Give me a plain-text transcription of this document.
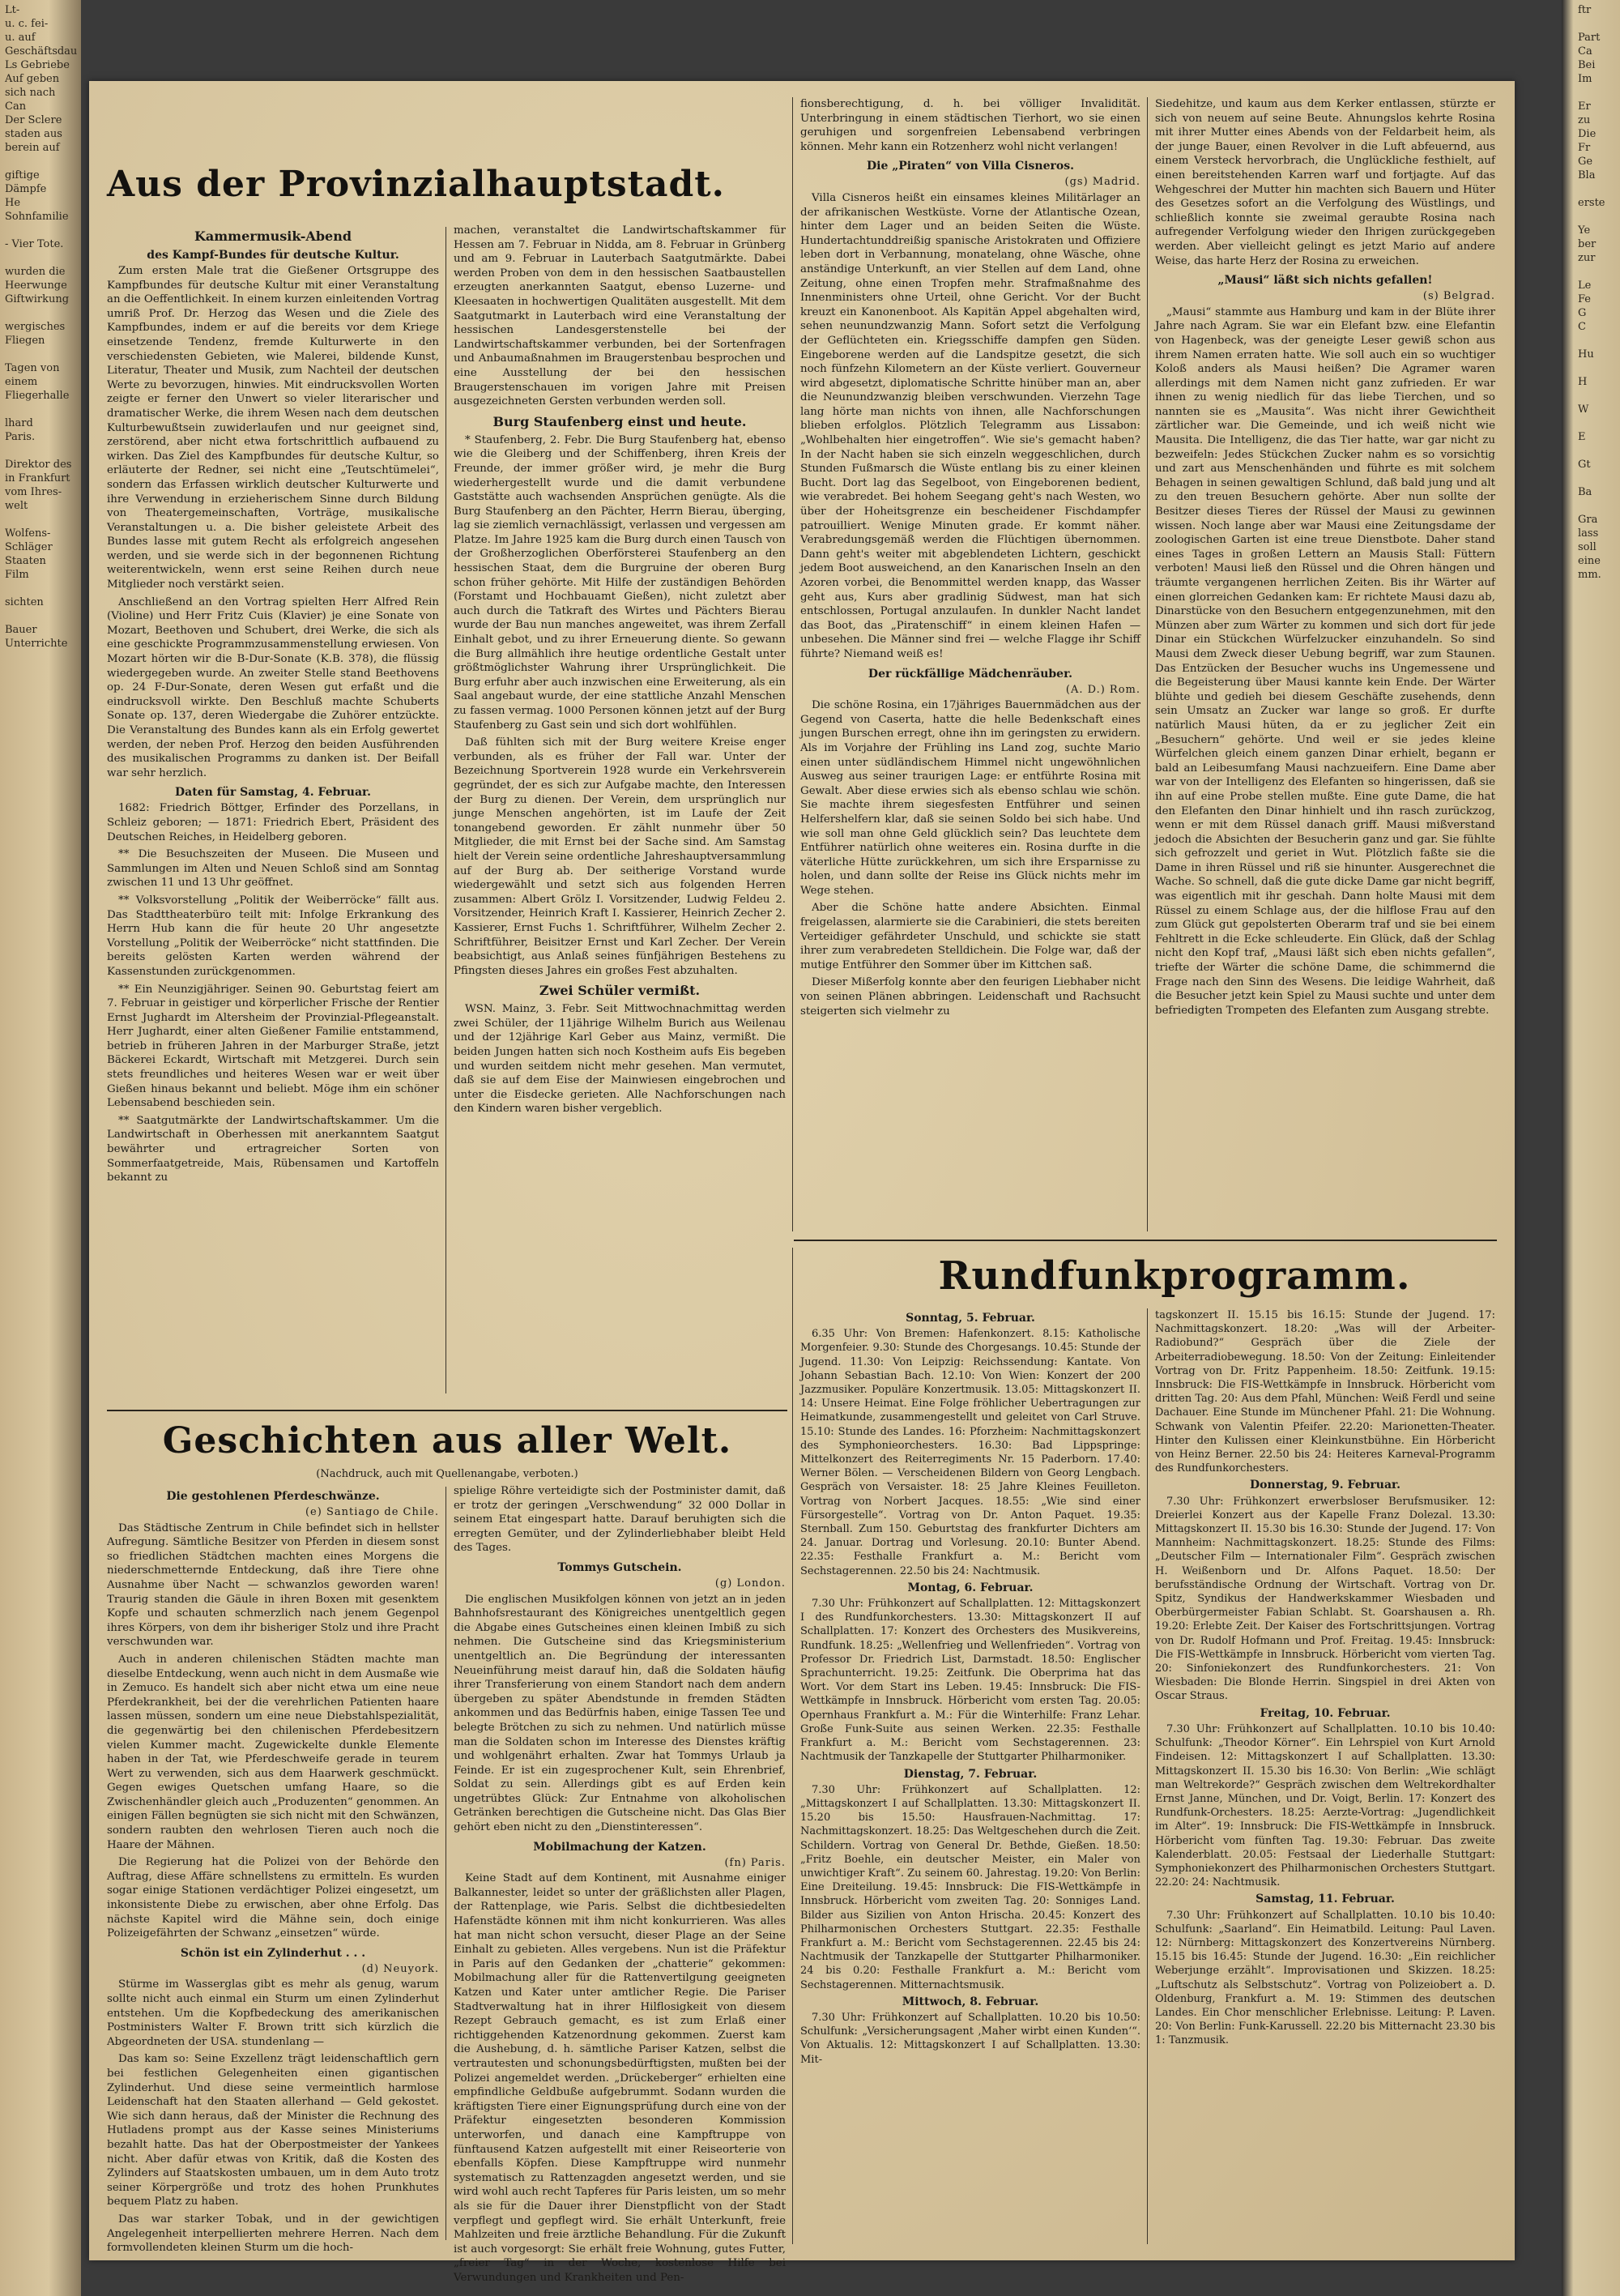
Lt-
u. c. fei-
u. auf
Geschäftsdau
Ls Gebriebe
Auf geben
sich nach
Can
Der Sclere
staden aus
berein auf

giftige Dämpfe
He Sohnfamilie

- Vier Tote.

wurden die
Heerwunge
Giftwirkung

wergisches Fliegen

Tagen von einem
Fliegerhalle

lhard
Paris.

Direktor des
in Frankfurt
vom Ihres-
welt

Wolfens-Schläger
Staaten
Film

sichten

Bauer
Unterrichte
ftr

Part
Ca
Bei
Im

Er
zu
Die
Fr
Ge
Bla

erste

Ye
ber
zur

Le
Fe
G
C

Hu

H

W

E

Gt

Ba

Gra
lass
soll
eine
mm.
Aus der Provinzialhauptstadt.
Kammermusik-Abend
des Kampf-Bundes für deutsche Kultur.

Zum ersten Male trat die Gießener Ortsgruppe des Kampfbundes für deutsche Kultur mit einer Veranstaltung an die Oeffentlichkeit. In einem kurzen einleitenden Vortrag umriß Prof. Dr. Herzog das Wesen und die Ziele des Kampfbundes, indem er auf die bereits vor dem Kriege einsetzende Tendenz, fremde Kulturwerte in den verschiedensten Gebieten, wie Malerei, bildende Kunst, Literatur, Theater und Musik, zum Nachteil der deutschen Werte zu bevorzugen, hinwies. Mit eindrucksvollen Worten zeigte er ferner den Unwert so vieler literarischer und dramatischer Werke, die ihrem Wesen nach dem deutschen Kulturbewußtsein zuwiderlaufen und nur geeignet sind, zerstörend, aber nicht etwa fortschrittlich aufbauend zu wirken. Das Ziel des Kampfbundes für deutsche Kultur, so erläuterte der Redner, sei nicht eine „Teutschtümelei“, sondern das Erfassen wirklich deutscher Kulturwerte und ihre Verwendung in erzieherischem Sinne durch Bildung von Theatergemeinschaften, Vorträge, musikalische Veranstaltungen u. a. Die bisher geleistete Arbeit des Bundes lasse mit gutem Recht als erfolgreich angesehen werden, und sie werde sich in der begonnenen Richtung weiterentwickeln, wenn erst seine Reihen durch neue Mitglieder noch verstärkt seien.

Anschließend an den Vortrag spielten Herr Alfred Rein (Violine) und Herr Fritz Cuis (Klavier) je eine Sonate von Mozart, Beethoven und Schubert, drei Werke, die sich als eine geschickte Programmzusammenstellung erwiesen. Von Mozart hörten wir die B-Dur-Sonate (K.B. 378), die flüssig wiedergegeben wurde. An zweiter Stelle stand Beethovens op. 24 F-Dur-Sonate, deren Wesen gut erfaßt und die eindrucksvoll wirkte. Den Beschluß machte Schuberts Sonate op. 137, deren Wiedergabe die Zuhörer entzückte. Die Veranstaltung des Bundes kann als ein Erfolg gewertet werden, der neben Prof. Herzog den beiden Ausführenden des musikalischen Programms zu danken ist. Der Beifall war sehr herzlich.

Daten für Samstag, 4. Februar.

1682: Friedrich Böttger, Erfinder des Porzellans, in Schleiz geboren; — 1871: Friedrich Ebert, Präsident des Deutschen Reiches, in Heidelberg geboren.

** Die Besuchszeiten der Museen. Die Museen und Sammlungen im Alten und Neuen Schloß sind am Sonntag zwischen 11 und 13 Uhr geöffnet.

** Volksvorstellung „Politik der Weiberröcke“ fällt aus. Das Stadttheaterbüro teilt mit: Infolge Erkrankung des Herrn Hub kann die für heute 20 Uhr angesetzte Vorstellung „Politik der Weiberröcke“ nicht stattfinden. Die bereits gelösten Karten werden während der Kassenstunden zurückgenommen.

** Ein Neunzigjähriger. Seinen 90. Geburtstag feiert am 7. Februar in geistiger und körperlicher Frische der Rentier Ernst Jughardt im Altersheim der Provinzial-Pflegeanstalt. Herr Jughardt, einer alten Gießener Familie entstammend, betrieb in früheren Jahren in der Marburger Straße, jetzt Bäckerei Eckardt, Wirtschaft mit Metzgerei. Durch sein stets freundliches und heiteres Wesen war er weit über Gießen hinaus bekannt und beliebt. Möge ihm ein schöner Lebensabend beschieden sein.

** Saatgutmärkte der Landwirtschaftskammer. Um die Landwirtschaft in Oberhessen mit anerkanntem Saatgut bewährter und ertragreicher Sorten von Sommerfaatgetreide, Mais, Rübensamen und Kartoffeln bekannt zu

machen, veranstaltet die Landwirtschaftskammer für Hessen am 7. Februar in Nidda, am 8. Februar in Grünberg und am 9. Februar in Lauterbach Saatgutmärkte. Dabei werden Proben von dem in den hessischen Saatbaustellen erzeugten anerkannten Saatgut, ebenso Luzerne- und Kleesaaten in hochwertigen Qualitäten ausgestellt. Mit dem Saatgutmarkt in Lauterbach wird eine Veranstaltung der hessischen Landesgerstenstelle bei der Landwirtschaftskammer verbunden, bei der Sortenfragen und Anbaumaßnahmen im Braugerstenbau besprochen und eine Ausstellung der bei den hessischen Braugerstenschauen im vorigen Jahre mit Preisen ausgezeichneten Gersten verbunden werden soll.

Burg Staufenberg einst und heute.

* Staufenberg, 2. Febr. Die Burg Staufenberg hat, ebenso wie die Gleiberg und der Schiffenberg, ihren Kreis der Freunde, der immer größer wird, je mehr die Burg wiederhergestellt wurde und die damit verbundene Gaststätte auch wachsenden Ansprüchen genügte. Als die Burg Staufenberg an den Pächter, Herrn Bierau, überging, lag sie ziemlich vernachlässigt, verlassen und vergessen am Platze. Im Jahre 1925 kam die Burg durch einen Tausch von der Großherzoglichen Oberförsterei Staufenberg an den hessischen Staat, dem die Burgruine der oberen Burg schon früher gehörte. Mit Hilfe der zuständigen Behörden (Forstamt und Hochbauamt Gießen), nicht zuletzt aber auch durch die Tatkraft des Wirtes und Pächters Bierau wurde der Bau nun manches angeweitet, was ihrem Zerfall Einhalt gebot, und zu ihrer Erneuerung diente. So gewann die Burg allmählich ihre heutige ordentliche Gestalt unter größtmöglichster Wahrung ihrer Ursprünglichkeit. Die Burg erfuhr aber auch inzwischen eine Erweiterung, als ein Saal angebaut wurde, der eine stattliche Anzahl Menschen zu fassen vermag. 1000 Personen können jetzt auf der Burg Staufenberg zu Gast sein und sich dort wohlfühlen.

Daß fühlten sich mit der Burg weitere Kreise enger verbunden, als es früher der Fall war. Unter der Bezeichnung Sportverein 1928 wurde ein Verkehrsverein gegründet, der es sich zur Aufgabe machte, den Interessen der Burg zu dienen. Der Verein, dem ursprünglich nur junge Menschen angehörten, ist im Laufe der Zeit tonangebend geworden. Er zählt nunmehr über 50 Mitglieder, die mit Ernst bei der Sache sind. Am Samstag hielt der Verein seine ordentliche Jahreshauptversammlung auf der Burg ab. Der seitherige Vorstand wurde wiedergewählt und setzt sich aus folgenden Herren zusammen: Albert Grölz I. Vorsitzender, Ludwig Feldeu 2. Vorsitzender, Heinrich Kraft I. Kassierer, Heinrich Zecher 2. Kassierer, Ernst Fuchs 1. Schriftführer, Wilhelm Zecher 2. Schriftführer, Beisitzer Ernst und Karl Zecher. Der Verein beabsichtigt, aus Anlaß seines fünfjährigen Bestehens zu Pfingsten dieses Jahres ein großes Fest abzuhalten.

Zwei Schüler vermißt.

WSN. Mainz, 3. Febr. Seit Mittwochnachmittag werden zwei Schüler, der 11jährige Wilhelm Burich aus Weilenau und der 12jährige Karl Geber aus Mainz, vermißt. Die beiden Jungen hatten sich noch Kostheim aufs Eis begeben und wurden seitdem nicht mehr gesehen. Man vermutet, daß sie auf dem Eise der Mainwiesen eingebrochen und unter die Eisdecke gerieten. Alle Nachforschungen nach den Kindern waren bisher vergeblich.

fionsberechtigung, d. h. bei völliger Invalidität. Unterbringung in einem städtischen Tierhort, wo sie einen geruhigen und sorgenfreien Lebensabend verbringen können. Mehr kann ein Rotzenherz wohl nicht verlangen!

Die „Piraten“ von Villa Cisneros.
(gs) Madrid.

Villa Cisneros heißt ein einsames kleines Militärlager an der afrikanischen Westküste. Vorne der Atlantische Ozean, hinter dem Lager und an beiden Seiten die Wüste. Hundertachtunddreißig spanische Aristokraten und Offiziere leben dort in Verbannung, monatelang, ohne Wäsche, ohne anständige Unterkunft, an vier Stellen auf dem Land, ohne Zeitung, ohne einen Tropfen mehr. Strafmaßnahme des Innenministers ohne Urteil, ohne Gericht. Vor der Bucht kreuzt ein Kanonenboot. Als Kapitän Appel abgehalten wird, sehen neunundzwanzig Mann. Sofort setzt die Verfolgung der Geflüchteten ein. Kriegsschiffe dampfen gen Süden. Eingeborene werden auf die Landspitze gesetzt, die sich noch fünfzehn Kilometern an der Küste verliert. Gouverneur wird abgesetzt, diplomatische Schritte hinüber man an, aber die Neunundzwanzig bleiben verschwunden. Vierzehn Tage lang hörte man nichts von ihnen, alle Nachforschungen blieben erfolglos. Plötzlich Telegramm aus Lissabon: „Wohlbehalten hier eingetroffen“. Wie sie's gemacht haben? In der Nacht haben sie sich einzeln weggeschlichen, durch Stunden Fußmarsch die Wüste entlang bis zu einer kleinen Bucht. Dort lag das Segelboot, von Eingeborenen bedient, wie verabredet. Bei hohem Seegang geht's nach Westen, wo über der Hoheitsgrenze ein bescheidener Fischdampfer patrouilliert. Wenige Minuten grade. Er kommt näher. Verabredungsgemäß werden die Flüchtigen übernommen. Dann geht's weiter mit abgeblendeten Lichtern, geschickt jedem Boot ausweichend, an den Kanarischen Inseln an den Azoren vorbei, die Benommittel werden knapp, das Wasser geht aus, Kurs aber gradlinig Südwest, man hat sich entschlossen, Portugal anzulaufen. In dunkler Nacht landet das Boot, das „Piratenschiff“ in einem kleinen Hafen — unbesehen. Die Männer sind frei — welche Flagge ihr Schiff führte? Niemand weiß es!

Der rückfällige Mädchenräuber.
(A. D.) Rom.

Die schöne Rosina, ein 17jähriges Bauernmädchen aus der Gegend von Caserta, hatte die helle Bedenkschaft eines jungen Burschen erregt, ohne ihn im geringsten zu erwidern. Als im Vorjahre der Frühling ins Land zog, suchte Mario einen unter südländischem Himmel nicht ungewöhnlichen Ausweg aus seiner traurigen Lage: er entführte Rosina mit Gewalt. Aber diese erwies sich als ebenso schlau wie schön. Sie machte ihrem siegesfesten Entführer und seinen Helfershelfern klar, daß sie seinen Soldo bei sich habe. Und wie soll man ohne Geld glücklich sein? Das leuchtete dem Entführer natürlich ohne weiteres ein. Rosina durfte in die väterliche Hütte zurückkehren, um sich ihre Ersparnisse zu holen, und dann sollte der Reise ins Glück nichts mehr im Wege stehen.

Aber die Schöne hatte andere Absichten. Einmal freigelassen, alarmierte sie die Carabinieri, die stets bereiten Verteidiger gefährdeter Unschuld, und schickte sie statt ihrer zum verabredeten Stelldichein. Die Folge war, daß der mutige Entführer den Sommer über im Kittchen saß.

Dieser Mißerfolg konnte aber den feurigen Liebhaber nicht von seinen Plänen abbringen. Leidenschaft und Rachsucht steigerten sich vielmehr zu

Siedehitze, und kaum aus dem Kerker entlassen, stürzte er sich von neuem auf seine Beute. Ahnungslos kehrte Rosina mit ihrer Mutter eines Abends von der Feldarbeit heim, als der junge Bauer, einen Revolver in die Luft abfeuernd, aus einem Versteck hervorbrach, die Unglückliche festhielt, auf einen bereitstehenden Karren warf und fortjagte. Auf das Wehgeschrei der Mutter hin machten sich Bauern und Hüter des Gesetzes sofort an die Verfolgung des Wüstlings, und schließlich konnte sie zweimal geraubte Rosina nach aufregender Verfolgung wieder den Ihrigen zurückgegeben werden. Aber vielleicht gelingt es jetzt Mario auf andere Weise, das harte Herz der Rosina zu erweichen.

„Mausi“ läßt sich nichts gefallen!
(s) Belgrad.

„Mausi“ stammte aus Hamburg und kam in der Blüte ihrer Jahre nach Agram. Sie war ein Elefant bzw. eine Elefantin von Hagenbeck, was der geneigte Leser gewiß schon aus ihrem Namen erraten hatte. Wie soll auch ein so wuchtiger Koloß anders als Mausi heißen? Die Agramer waren allerdings mit dem Namen nicht ganz zufrieden. Er war ihnen zu wenig niedlich für das liebe Tierchen, und so nannten sie es „Mausita“. Was nicht ihrer Gewichtheit zärtlicher war. Die Gemeinde, und ich weiß nicht wie Mausita. Die Intelligenz, die das Tier hatte, war gar nicht zu bezweifeln: Jedes Stückchen Zucker nahm es so vorsichtig und zart aus Menschenhänden und führte es mit solchem Behagen in seinen gewaltigen Schlund, daß bald jung und alt zu den treuen Besuchern gehörte. Aber nun sollte der Besitzer dieses Tieres der Rüssel der Mausi zu gewinnen wissen. Noch lange aber war Mausi eine Zeitungsdame der zoologischen Garten ist eine treue Dienstbote. Daher stand eines Tages in großen Lettern an Mausis Stall: Füttern verboten! Mausi ließ den Rüssel und die Ohren hängen und träumte vergangenen herrlichen Zeiten. Bis ihr Wärter auf einen glorreichen Gedanken kam: Er richtete Mausi dazu ab, Dinarstücke von den Besuchern entgegenzunehmen, mit den Münzen aber zum Wärter zu kommen und sich dort für jede Dinar ein Stückchen Würfelzucker einzuhandeln. So sind Mausi dem Zweck dieser Uebung begriff, war zum Staunen. Das Entzücken der Besucher wuchs ins Ungemessene und die Begeisterung über Mausi kannte kein Ende. Der Wärter blühte und gedieh bei diesem Geschäfte zusehends, denn sein Umsatz an Zucker war lange so groß. Er durfte natürlich Mausi hüten, da er zu jeglicher Zeit ein „Besuchern“ gehörte. Und weil er sie jedes kleine Würfelchen gleich einem ganzen Dinar erhielt, begann er bald an Leibesumfang Mausi nachzueifern. Eine Dame aber war von der Intelligenz des Elefanten so hingerissen, daß sie ihn auf eine Probe stellen mußte. Eine gute Dame, die hat den Elefanten den Dinar hinhielt und ihn rasch zurückzog, wenn er mit dem Rüssel danach griff. Mausi mißverstand jedoch die Absichten der Besucherin ganz und gar. Sie fühlte sich gefrozzelt und geriet in Wut. Plötzlich faßte sie die Dame in ihren Rüssel und riß sie hinunter. Ausgerechnet die Wache. So schnell, daß die gute dicke Dame gar nicht begriff, was eigentlich mit ihr geschah. Dann holte Mausi mit dem Rüssel zu einem Schlage aus, der die hilflose Frau auf den zum Glück gut gepolsterten Oberarm traf und sie bei einem Fehltrett in die Ecke schleuderte. Ein Glück, daß der Schlag nicht den Kopf traf, „Mausi läßt sich eben nichts gefallen“, triefte der Wärter die schöne Dame, die schimmernd die Frage nach den Sinn des Wesens. Die leidige Wahrheit, daß die Besucher jetzt kein Spiel zu Mausi suchte und unter dem befriedigten Trompeten des Elefanten zum Ausgang strebte.

Rundfunkprogramm.
Geschichten aus aller Welt.
(Nachdruck, auch mit Quellenangabe, verboten.)
Die gestohlenen Pferdeschwänze.
(e) Santiago de Chile.

Das Städtische Zentrum in Chile befindet sich in hellster Aufregung. Sämtliche Besitzer von Pferden in diesem sonst so friedlichen Städtchen machten eines Morgens die niederschmetternde Entdeckung, daß ihre Tiere ohne Ausnahme über Nacht — schwanzlos geworden waren! Traurig standen die Gäule in ihren Boxen mit gesenktem Kopfe und schauten schmerzlich nach jenem Gegenpol ihres Körpers, von dem ihr bisheriger Stolz und ihre Pracht verschwunden war.

Auch in anderen chilenischen Städten machte man dieselbe Entdeckung, wenn auch nicht in dem Ausmaße wie in Zemuco. Es handelt sich aber nicht etwa um eine neue Pferdekrankheit, bei der die verehrlichen Patienten haare lassen müssen, sondern um eine neue Diebstahlspezialität, die gegenwärtig bei den chilenischen Pferdebesitzern vielen Kummer macht. Zugewickelte dunkle Elemente haben in der Tat, wie Pferdeschweife gerade in teurem Wert zu verwenden, sich aus dem Haarwerk geschmückt. Gegen ewiges Quetschen umfang Haare, so die Zwischenhändler gleich auch „Produzenten“ genommen. An einigen Fällen begnügten sie sich nicht mit den Schwänzen, sondern raubten den wehrlosen Tieren auch noch die Haare der Mähnen.

Die Regierung hat die Polizei von der Behörde den Auftrag, diese Affäre schnellstens zu ermitteln. Es wurden sogar einige Stationen verdächtiger Polizei eingesetzt, um inkonsistente Diebe zu erwischen, aber ohne Erfolg. Das nächste Kapitel wird die Mähne sein, doch einige Polizeigefährten der Schwanz „einsetzen“ würde.

Schön ist ein Zylinderhut . . .
(d) Neuyork.

Stürme im Wasserglas gibt es mehr als genug, warum sollte nicht auch einmal ein Sturm um einen Zylinderhut entstehen. Um die Kopfbedeckung des amerikanischen Postministers Walter F. Brown tritt sich kürzlich die Abgeordneten der USA. stundenlang —

Das kam so: Seine Exzellenz trägt leidenschaftlich gern bei festlichen Gelegenheiten einen gigantischen Zylinderhut. Und diese seine vermeintlich harmlose Leidenschaft hat den Staaten allerhand — Geld gekostet. Wie sich dann heraus, daß der Minister die Rechnung des Hutladens prompt aus der Kasse seines Ministeriums bezahlt hatte. Das hat der Oberpostmeister der Yankees nicht. Aber dafür etwas von Kritik, daß die Kosten des Zylinders auf Staatskosten umbauen, um in dem Auto trotz seiner Körpergröße und trotz des hohen Prunkhutes bequem Platz zu haben.

Das war starker Tobak, und in der gewichtigen Angelegenheit interpellierten mehrere Herren. Nach dem formvollendeten kleinen Sturm um die hoch-

spielige Röhre verteidigte sich der Postminister damit, daß er trotz der geringen „Verschwendung“ 32 000 Dollar in seinem Etat eingespart hatte. Darauf beruhigten sich die erregten Gemüter, und der Zylinderliebhaber bleibt Held des Tages.

Tommys Gutschein.
(g) London.

Die englischen Musikfolgen können von jetzt an in jeden Bahnhofsrestaurant des Königreiches unentgeltlich gegen die Abgabe eines Gutscheines einen kleinen Imbiß zu sich nehmen. Die Gutscheine sind das Kriegsministerium unentgeltlich an. Die Begründung der interessanten Neueinführung meist darauf hin, daß die Soldaten häufig ihrer Transferierung von einem Standort nach dem andern übergeben zu später Abendstunde in fremden Städten ankommen und das Bedürfnis haben, einige Tassen Tee und belegte Brötchen zu sich zu nehmen. Und natürlich müsse man die Soldaten schon im Interesse des Dienstes kräftig und wohlgenährt erhalten. Zwar hat Tommys Urlaub ja Feinde. Er ist ein zugesprochener Kult, sein Ehrenbrief, Soldat zu sein. Allerdings gibt es auf Erden kein ungetrübtes Glück: Zur Entnahme von alkoholischen Getränken berechtigen die Gutscheine nicht. Das Glas Bier gehört eben nicht zu den „Dienstinteressen“.

Mobilmachung der Katzen.
(fn) Paris.

Keine Stadt auf dem Kontinent, mit Ausnahme einiger Balkannester, leidet so unter der gräßlichsten aller Plagen, der Rattenplage, wie Paris. Selbst die dichtbesiedelten Hafenstädte können mit ihm nicht konkurrieren. Was alles hat man nicht schon versucht, dieser Plage an der Seine Einhalt zu gebieten. Alles vergebens. Nun ist die Präfektur in Paris auf den Gedanken der „chatterie“ gekommen: Mobilmachung aller für die Rattenvertilgung geeigneten Katzen und Kater unter amtlicher Regie. Die Pariser Stadtverwaltung hat in ihrer Hilflosigkeit von diesem Rezept Gebrauch gemacht, es ist zum Erlaß einer richtiggehenden Katzenordnung gekommen. Zuerst kam die Aushebung, d. h. sämtliche Pariser Katzen, selbst die vertrautesten und schonungsbedürftigsten, mußten bei der Polizei angemeldet werden. „Drückeberger“ erhielten eine empfindliche Geldbuße aufgebrummt. Sodann wurden die kräftigsten Tiere einer Eignungsprüfung durch eine von der Präfektur eingesetzten besonderen Kommission unterworfen, und danach eine Kampftruppe von fünftausend Katzen aufgestellt mit einer Reiseorterie von ebenfalls Köpfen. Diese Kampftruppe wird nunmehr systematisch zu Rattenzagden angesetzt werden, und sie wird wohl auch recht Tapferes für Paris leisten, um so mehr als sie für die Dauer ihrer Dienstpflicht von der Stadt verpflegt und gepflegt wird. Sie erhält Unterkunft, freie Mahlzeiten und freie ärztliche Behandlung. Für die Zukunft ist auch vorgesorgt: Sie erhält freie Wohnung, gutes Futter, „freier Tag“ in der Woche, kostenlose Hilfe bei Verwundungen und Krankheiten und Pen-

Sonntag, 5. Februar.

6.35 Uhr: Von Bremen: Hafenkonzert. 8.15: Katholische Morgenfeier. 9.30: Stunde des Chorgesangs. 10.45: Stunde der Jugend. 11.30: Von Leipzig: Reichssendung: Kantate. Von Johann Sebastian Bach. 12.10: Von Wien: Konzert der 200 Jazzmusiker. Populäre Konzertmusik. 13.05: Mittagskonzert II. 14: Unsere Heimat. Eine Folge fröhlicher Uebertragungen zur Heimatkunde, zusammengestellt und geleitet von Carl Struve. 15.10: Stunde des Landes. 16: Pforzheim: Nachmittagskonzert des Symphonieorchesters. 16.30: Bad Lippspringe: Mittelkonzert des Reiterregiments Nr. 15 Paderborn. 17.40: Werner Bölen. — Verscheidenen Bildern von Georg Lengbach. Gespräch von Versaister. 18: 25 Jahre Kleines Feuilleton. Vortrag von Norbert Jacques. 18.55: „Wie sind einer Fürsorgestelle“. Vortrag von Dr. Anton Paquet. 19.35: Sternball. Zum 150. Geburtstag des frankfurter Dichters am 24. Januar. Dortrag und Vorlesung. 20.10: Bunter Abend. 22.35: Festhalle Frankfurt a. M.: Bericht vom Sechstagerennen. 22.50 bis 24: Nachtmusik.

Montag, 6. Februar.

7.30 Uhr: Frühkonzert auf Schallplatten. 12: Mittagskonzert I des Rundfunkorchesters. 13.30: Mittagskonzert II auf Schallplatten. 17: Konzert des Orchesters des Musikvereins, Rundfunk. 18.25: „Wellenfrieg und Wellenfrieden“. Vortrag von Professor Dr. Friedrich List, Darmstadt. 18.50: Englischer Sprachunterricht. 19.25: Zeitfunk. Die Oberprima hat das Wort. Vor dem Start ins Leben. 19.45: Innsbruck: Die FIS-Wettkämpfe in Innsbruck. Hörbericht vom ersten Tag. 20.05: Opernhaus Frankfurt a. M.: Für die Winterhilfe: Franz Lehar. Große Funk-Suite aus seinen Werken. 22.35: Festhalle Frankfurt a. M.: Bericht vom Sechstagerennen. 23: Nachtmusik der Tanzkapelle der Stuttgarter Philharmoniker.

Dienstag, 7. Februar.

7.30 Uhr: Frühkonzert auf Schallplatten. 12: „Mittagskonzert I auf Schallplatten. 13.30: Mittagskonzert II. 15.20 bis 15.50: Hausfrauen-Nachmittag. 17: Nachmittagskonzert. 18.25: Das Weltgeschehen durch die Zeit. Schildern. Vortrag von General Dr. Bethde, Gießen. 18.50: „Fritz Boehle, ein deutscher Meister, ein Maler von unwichtiger Kraft“. Zu seinem 60. Jahrestag. 19.20: Von Berlin: Eine Dreiteilung. 19.45: Innsbruck: Die FIS-Wettkämpfe in Innsbruck. Hörbericht vom zweiten Tag. 20: Sonniges Land. Bilder aus Sizilien von Anton Hrischa. 20.45: Konzert des Philharmonischen Orchesters Stuttgart. 22.35: Festhalle Frankfurt a. M.: Bericht vom Sechstagerennen. 22.45 bis 24: Nachtmusik der Tanzkapelle der Stuttgarter Philharmoniker. 24 bis 0.20: Festhalle Frankfurt a. M.: Bericht vom Sechstagerennen. Mitternachtsmusik.

Mittwoch, 8. Februar.

7.30 Uhr: Frühkonzert auf Schallplatten. 10.20 bis 10.50: Schulfunk: „Versicherungsagent ‚Maher wirbt einen Kunden‘“. Von Aktualis. 12: Mittagskonzert I auf Schallplatten. 13.30: Mit-

tagskonzert II. 15.15 bis 16.15: Stunde der Jugend. 17: Nachmittagskonzert. 18.20: „Was will der Arbeiter-Radiobund?“ Gespräch über die Ziele der Arbeiterradiobewegung. 18.50: Von der Zeitung: Einleitender Vortrag von Dr. Fritz Pappenheim. 18.50: Zeitfunk. 19.15: Innsbruck: Die FIS-Wettkämpfe in Innsbruck. Hörbericht vom dritten Tag. 20: Aus dem Pfahl, München: Weiß Ferdl und seine Dachauer. Eine Stunde im Münchener Pfahl. 21: Die Wohnung. Schwank von Valentin Pfeifer. 22.20: Marionetten-Theater. Hinter den Kulissen einer Kleinkunstbühne. Ein Hörbericht von Heinz Berner. 22.50 bis 24: Heiteres Karneval-Programm des Rundfunkorchesters.

Donnerstag, 9. Februar.

7.30 Uhr: Frühkonzert erwerbsloser Berufsmusiker. 12: Dreierlei Konzert aus der Kapelle Franz Dolezal. 13.30: Mittagskonzert II. 15.30 bis 16.30: Stunde der Jugend. 17: Von Mannheim: Nachmittagskonzert. 18.25: Stunde des Films: „Deutscher Film — Internationaler Film“. Gespräch zwischen H. Weißenborn und Dr. Alfons Paquet. 18.50: Der berufsständische Ordnung der Wirtschaft. Vortrag von Dr. Spitz, Syndikus der Handwerkskammer Wiesbaden und Oberbürgermeister Fabian Schlabt. St. Goarshausen a. Rh. 19.20: Erlebte Zeit. Der Kaiser des Fortschrittsjungen. Vortrag von Dr. Rudolf Hofmann und Prof. Freitag. 19.45: Innsbruck: Die FIS-Wettkämpfe in Innsbruck. Hörbericht vom vierten Tag. 20: Sinfoniekonzert des Rundfunkorchesters. 21: Von Wiesbaden: Die Blonde Herrin. Singspiel in drei Akten von Oscar Straus.

Freitag, 10. Februar.

7.30 Uhr: Frühkonzert auf Schallplatten. 10.10 bis 10.40: Schulfunk: „Theodor Körner“. Ein Lehrspiel von Kurt Arnold Findeisen. 12: Mittagskonzert I auf Schallplatten. 13.30: Mittagskonzert II. 15.30 bis 16.30: Von Berlin: „Wie schlägt man Weltrekorde?“ Gespräch zwischen dem Weltrekordhalter Ernst Janne, München, und Dr. Voigt, Berlin. 17: Konzert des Rundfunk-Orchesters. 18.25: Aerzte-Vortrag: „Jugendlichkeit im Alter“. 19: Innsbruck: Die FIS-Wettkämpfe in Innsbruck. Hörbericht vom fünften Tag. 19.30: Februar. Das zweite Kalenderblatt. 20.05: Festsaal der Liederhalle Stuttgart: Symphoniekonzert des Philharmonischen Orchesters Stuttgart. 22.20: 24: Nachtmusik.

Samstag, 11. Februar.

7.30 Uhr: Frühkonzert auf Schallplatten. 10.10 bis 10.40: Schulfunk: „Saarland“. Ein Heimatbild. Leitung: Paul Laven. 12: Nürnberg: Mittagskonzert des Konzertvereins Nürnberg. 15.15 bis 16.45: Stunde der Jugend. 16.30: „Ein reichlicher Weberjunge erzählt“. Improvisationen und Skizzen. 18.25: „Luftschutz als Selbstschutz“. Vortrag von Polizeiobert a. D. Oldenburg, Frankfurt a. M. 19: Stimmen des deutschen Landes. Ein Chor menschlicher Erlebnisse. Leitung: P. Laven. 20: Von Berlin: Funk-Karussell. 22.20 bis Mitternacht 23.30 bis 1: Tanzmusik.
